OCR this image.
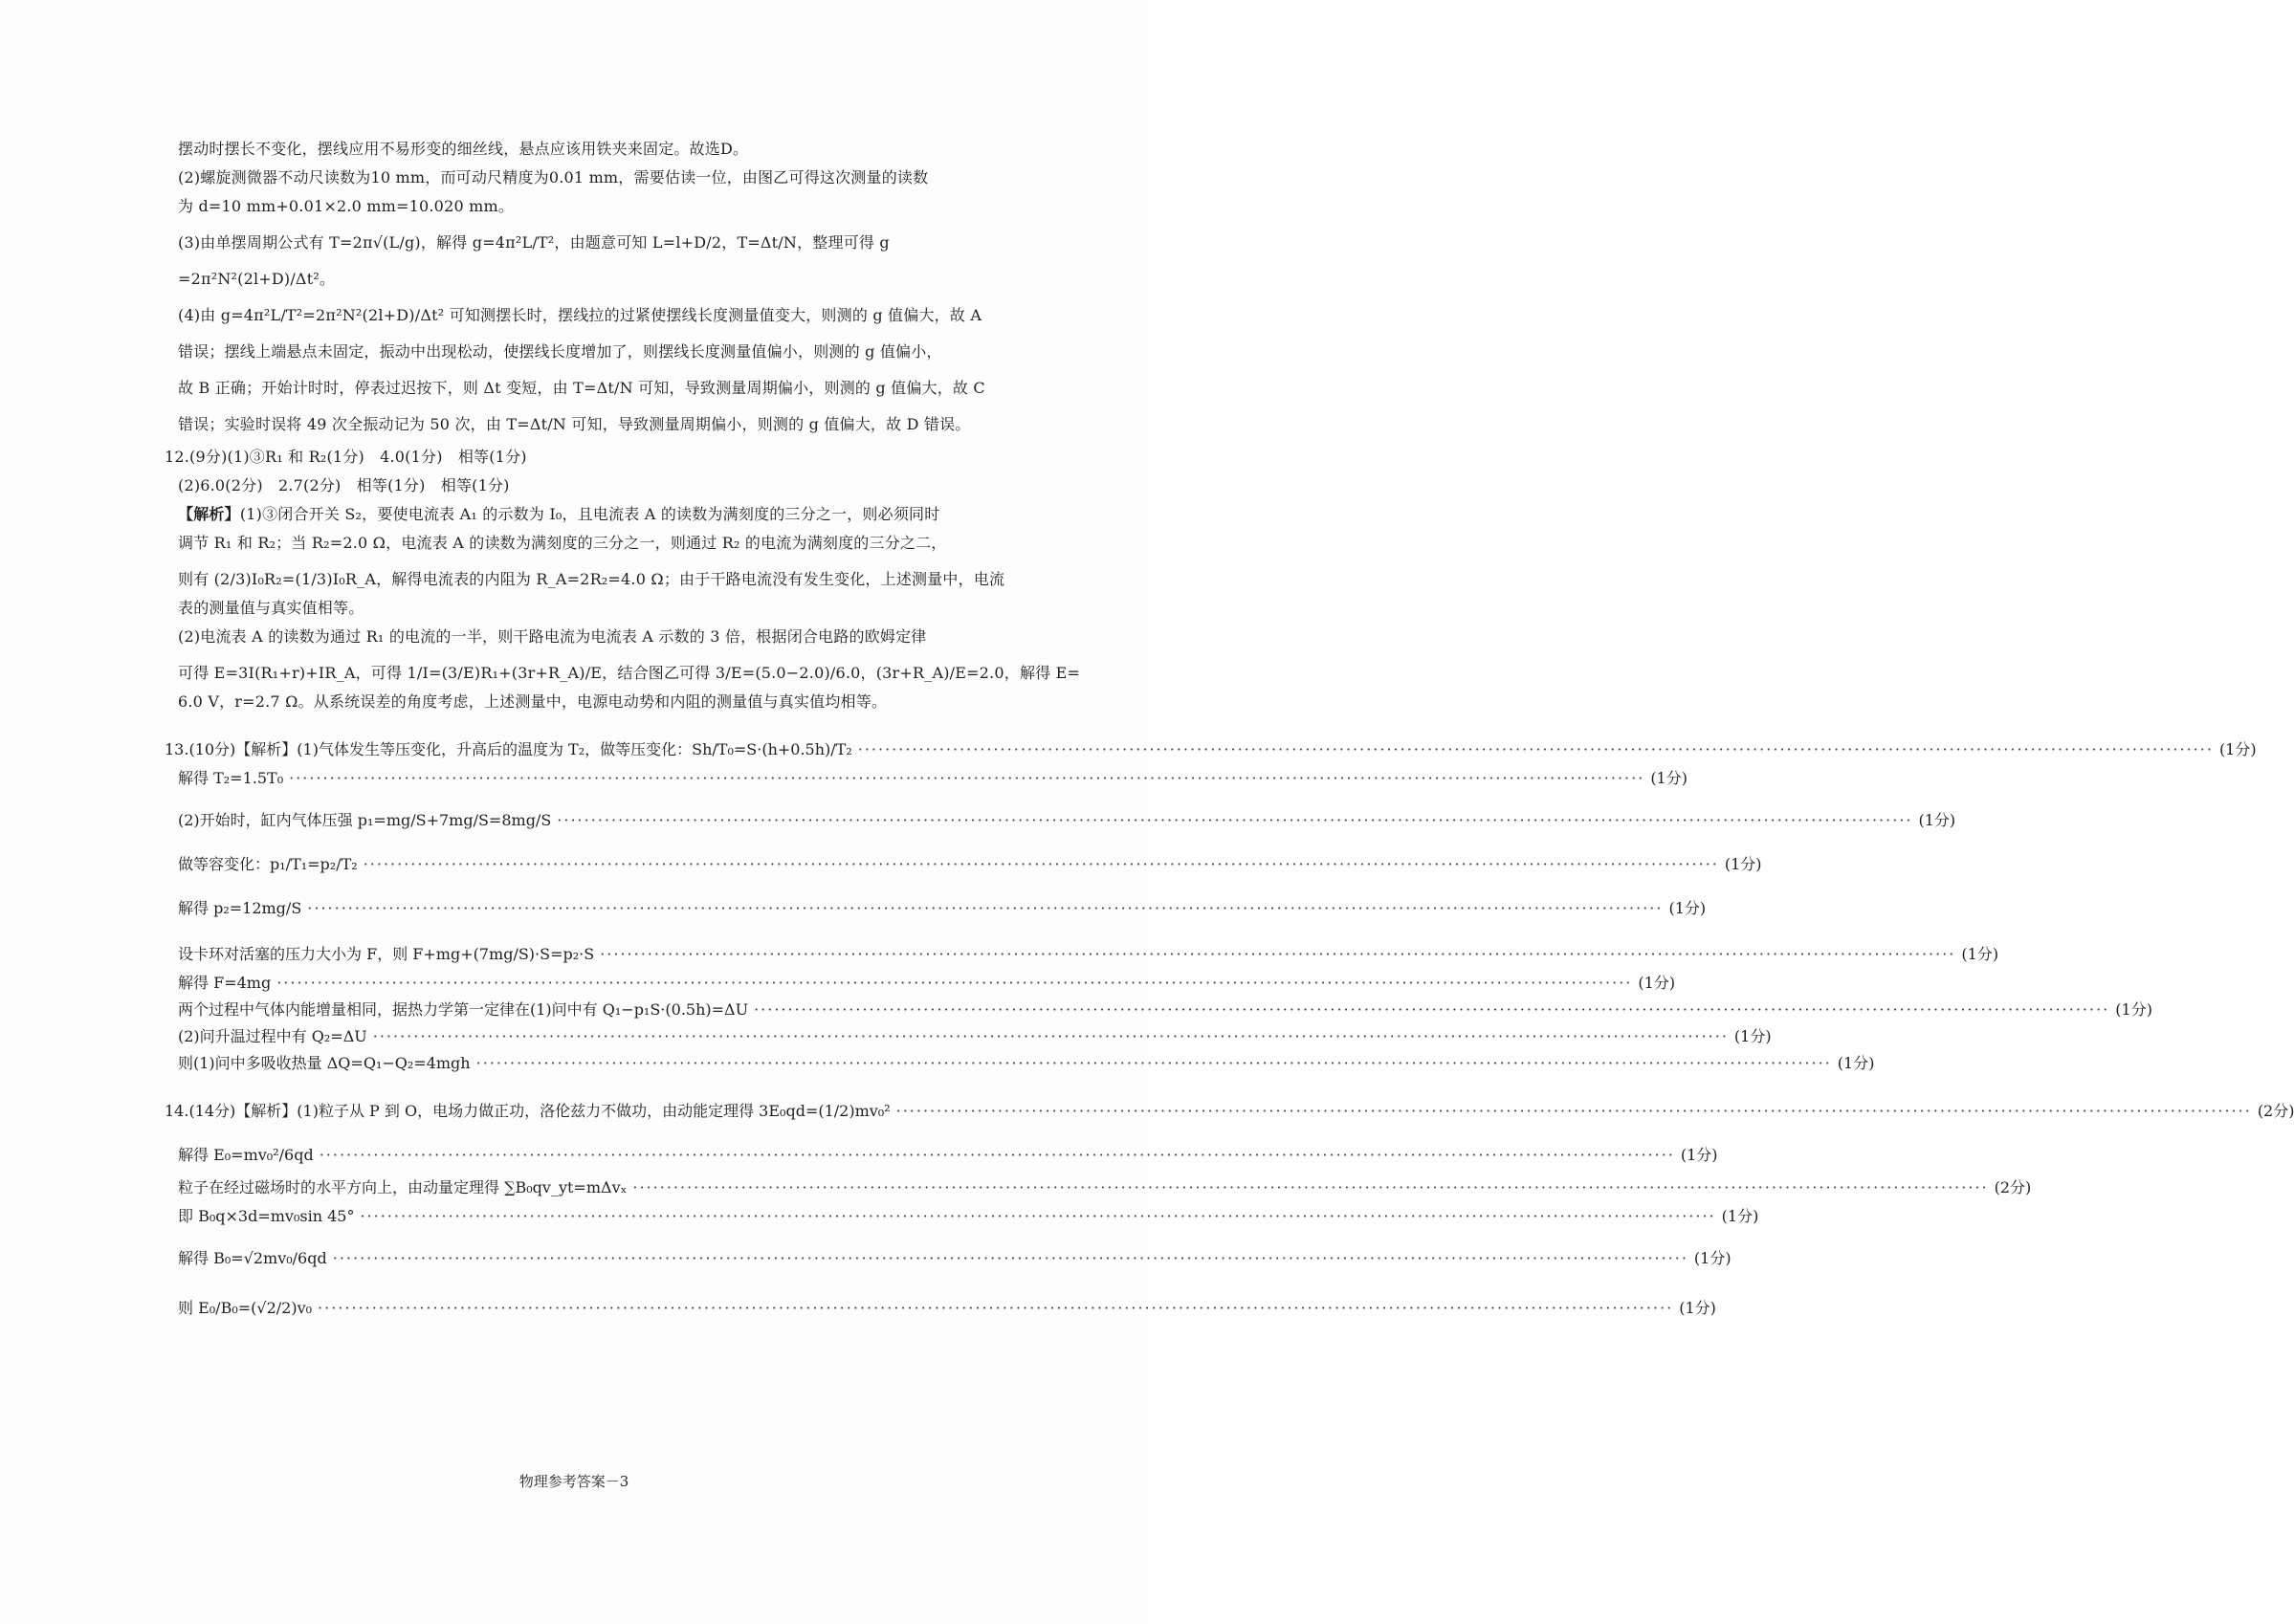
摆动时摆长不变化，摆线应用不易形变的细丝线，悬点应该用铁夹来固定。故选D。
(2)螺旋测微器不动尺读数为10 mm，而可动尺精度为0.01 mm，需要估读一位，由图乙可得这次测量的读数
为 d=10 mm+0.01×2.0 mm=10.020 mm。
(3)由单摆周期公式有 T=2π√(L/g)，解得 g=4π²L/T²，由题意可知 L=l+D/2，T=Δt/N，整理可得 g
=2π²N²(2l+D)/Δt²。
(4)由 g=4π²L/T²=2π²N²(2l+D)/Δt² 可知测摆长时，摆线拉的过紧使摆线长度测量值变大，则测的 g 值偏大，故 A
错误；摆线上端悬点未固定，振动中出现松动，使摆线长度增加了，则摆线长度测量值偏小，则测的 g 值偏小，
故 B 正确；开始计时时，停表过迟按下，则 Δt 变短，由 T=Δt/N 可知，导致测量周期偏小，则测的 g 值偏大，故 C
错误；实验时误将 49 次全振动记为 50 次，由 T=Δt/N 可知，导致测量周期偏小，则测的 g 值偏大，故 D 错误。
12.(9分)(1)③R₁ 和 R₂(1分)　4.0(1分)　相等(1分)
(2)6.0(2分)　2.7(2分)　相等(1分)　相等(1分)
【解析】(1)③闭合开关 S₂，要使电流表 A₁ 的示数为 I₀，且电流表 A 的读数为满刻度的三分之一，则必须同时
调节 R₁ 和 R₂；当 R₂=2.0 Ω，电流表 A 的读数为满刻度的三分之一，则通过 R₂ 的电流为满刻度的三分之二，
则有 (2/3)I₀R₂=(1/3)I₀R_A，解得电流表的内阻为 R_A=2R₂=4.0 Ω；由于干路电流没有发生变化，上述测量中，电流
表的测量值与真实值相等。
(2)电流表 A 的读数为通过 R₁ 的电流的一半，则干路电流为电流表 A 示数的 3 倍，根据闭合电路的欧姆定律
可得 E=3I(R₁+r)+IR_A，可得 1/I=(3/E)R₁+(3r+R_A)/E，结合图乙可得 3/E=(5.0−2.0)/6.0，(3r+R_A)/E=2.0，解得 E=
6.0 V，r=2.7 Ω。从系统误差的角度考虑，上述测量中，电源电动势和内阻的测量值与真实值均相等。
13.(10分)【解析】(1)气体发生等压变化，升高后的温度为 T₂，做等压变化：Sh/T₀=S·(h+0.5h)/T₂ ········································································································································································································ (1分)
解得 T₂=1.5T₀ ········································································································································································································ (1分)
(2)开始时，缸内气体压强 p₁=mg/S+7mg/S=8mg/S ········································································································································································································ (1分)
做等容变化：p₁/T₁=p₂/T₂ ········································································································································································································ (1分)
解得 p₂=12mg/S ········································································································································································································ (1分)
设卡环对活塞的压力大小为 F，则 F+mg+(7mg/S)·S=p₂·S ········································································································································································································ (1分)
解得 F=4mg ········································································································································································································ (1分)
两个过程中气体内能增量相同，据热力学第一定律在(1)问中有 Q₁−p₁S·(0.5h)=ΔU ········································································································································································································ (1分)
(2)问升温过程中有 Q₂=ΔU ········································································································································································································ (1分)
则(1)问中多吸收热量 ΔQ=Q₁−Q₂=4mgh ········································································································································································································ (1分)
14.(14分)【解析】(1)粒子从 P 到 O，电场力做正功，洛伦兹力不做功，由动能定理得 3E₀qd=(1/2)mv₀² ········································································································································································································ (2分)
解得 E₀=mv₀²/6qd ········································································································································································································ (1分)
粒子在经过磁场时的水平方向上，由动量定理得 ∑B₀qv_yt=mΔvₓ ········································································································································································································ (2分)
即 B₀q×3d=mv₀sin 45° ········································································································································································································ (1分)
解得 B₀=√2mv₀/6qd ········································································································································································································ (1分)
则 E₀/B₀=(√2/2)v₀ ········································································································································································································ (1分)
物理参考答案－3
